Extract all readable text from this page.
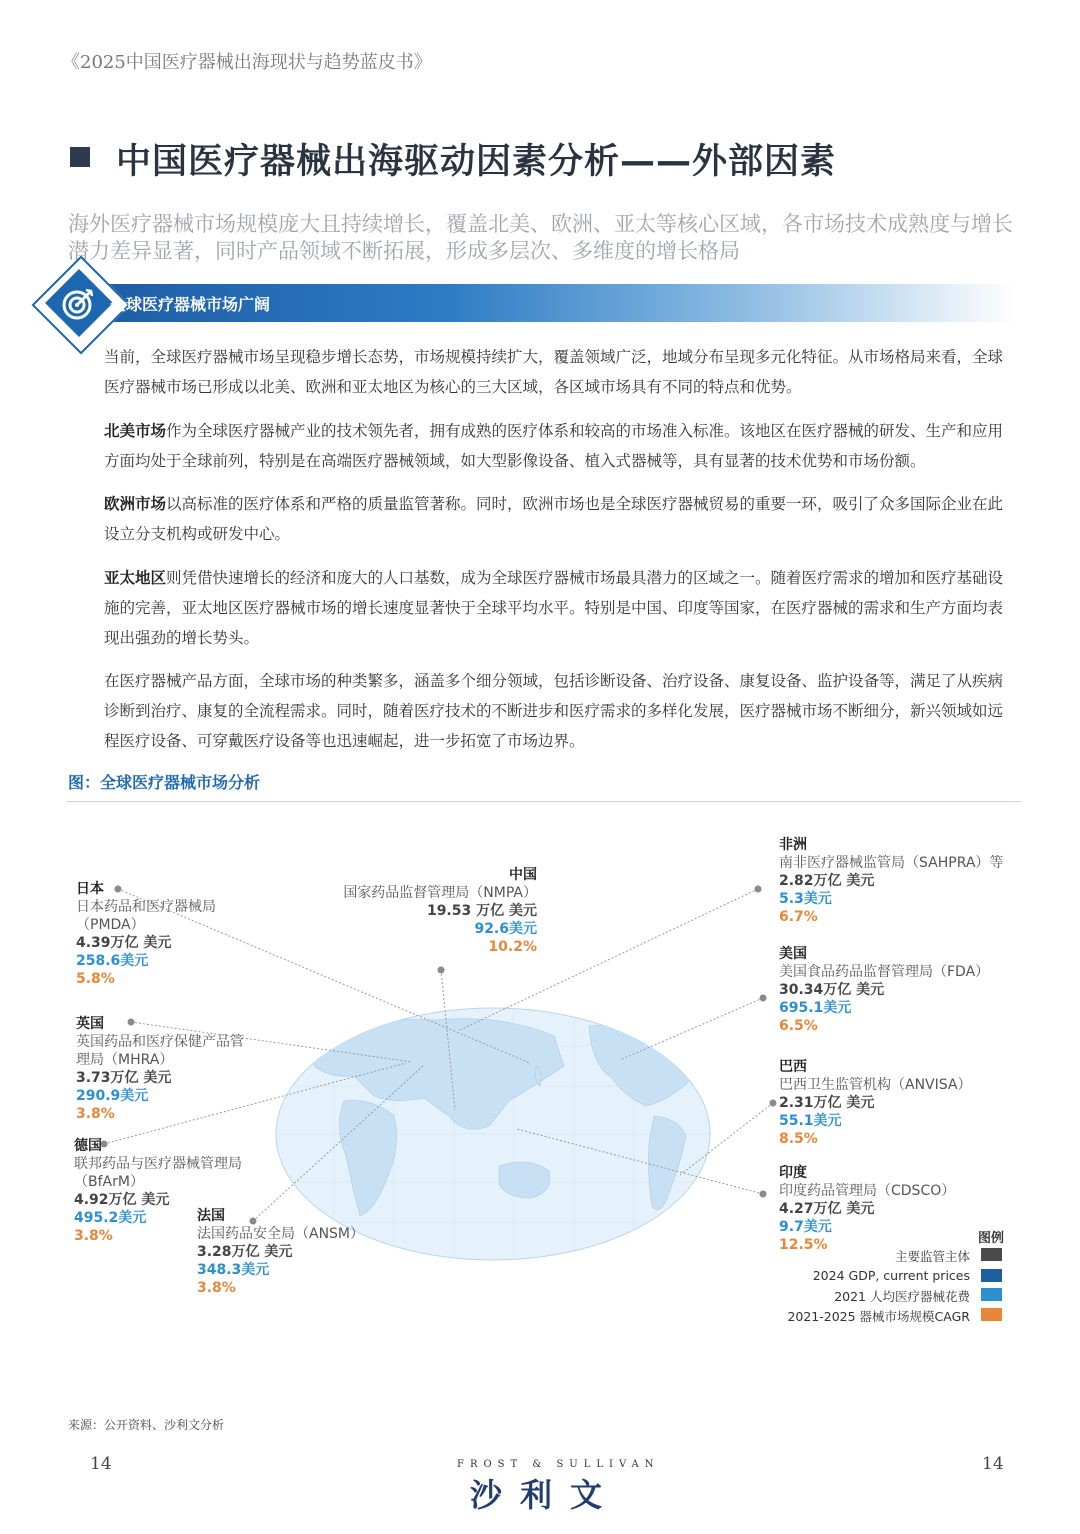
《2025中国医疗器械出海现状与趋势蓝皮书》
中国医疗器械出海驱动因素分析——外部因素
海外医疗器械市场规模庞大且持续增长，覆盖北美、欧洲、亚太等核心区域，各市场技术成熟度与增长潜力差异显著，同时产品领域不断拓展，形成多层次、多维度的增长格局
全球医疗器械市场广阔
当前，全球医疗器械市场呈现稳步增长态势，市场规模持续扩大，覆盖领域广泛，地域分布呈现多元化特征。从市场格局来看，全球医疗器械市场已形成以北美、欧洲和亚太地区为核心的三大区域，各区域市场具有不同的特点和优势。
北美市场作为全球医疗器械产业的技术领先者，拥有成熟的医疗体系和较高的市场准入标准。该地区在医疗器械的研发、生产和应用方面均处于全球前列，特别是在高端医疗器械领域，如大型影像设备、植入式器械等，具有显著的技术优势和市场份额。
欧洲市场以高标准的医疗体系和严格的质量监管著称。同时，欧洲市场也是全球医疗器械贸易的重要一环，吸引了众多国际企业在此设立分支机构或研发中心。
亚太地区则凭借快速增长的经济和庞大的人口基数，成为全球医疗器械市场最具潜力的区域之一。随着医疗需求的增加和医疗基础设施的完善，亚太地区医疗器械市场的增长速度显著快于全球平均水平。特别是中国、印度等国家，在医疗器械的需求和生产方面均表现出强劲的增长势头。
在医疗器械产品方面，全球市场的种类繁多，涵盖多个细分领域，包括诊断设备、治疗设备、康复设备、监护设备等，满足了从疾病诊断到治疗、康复的全流程需求。同时，随着医疗技术的不断进步和医疗需求的多样化发展，医疗器械市场不断细分，新兴领域如远程医疗设备、可穿戴医疗设备等也迅速崛起，进一步拓宽了市场边界。
图：全球医疗器械市场分析
日本
日本药品和医疗器械局（PMDA）
4.39万亿 美元
258.6美元
5.8%
英国
英国药品和医疗保健产品管理局（MHRA）
3.73万亿 美元
290.9美元
3.8%
德国
联邦药品与医疗器械管理局（BfArM）
4.92万亿 美元
495.2美元
3.8%
法国
法国药品安全局（ANSM）
3.28万亿 美元
348.3美元
3.8%
中国
国家药品监督管理局（NMPA）
19.53 万亿 美元
92.6美元
10.2%
非洲
南非医疗器械监管局（SAHPRA）等
2.82万亿 美元
5.3美元
6.7%
美国
美国食品药品监督管理局（FDA）
30.34万亿 美元
695.1美元
6.5%
巴西
巴西卫生监管机构（ANVISA）
2.31万亿 美元
55.1美元
8.5%
印度
印度药品管理局（CDSCO）
4.27万亿 美元
9.7美元
12.5%	图例
主要监管主体
2024 GDP, current prices
2021 人均医疗器械花费
2021-2025 器械市场规模CAGR
来源：公开资料、沙利文分析
14	14
FROST & SULLIVAN
沙利文
